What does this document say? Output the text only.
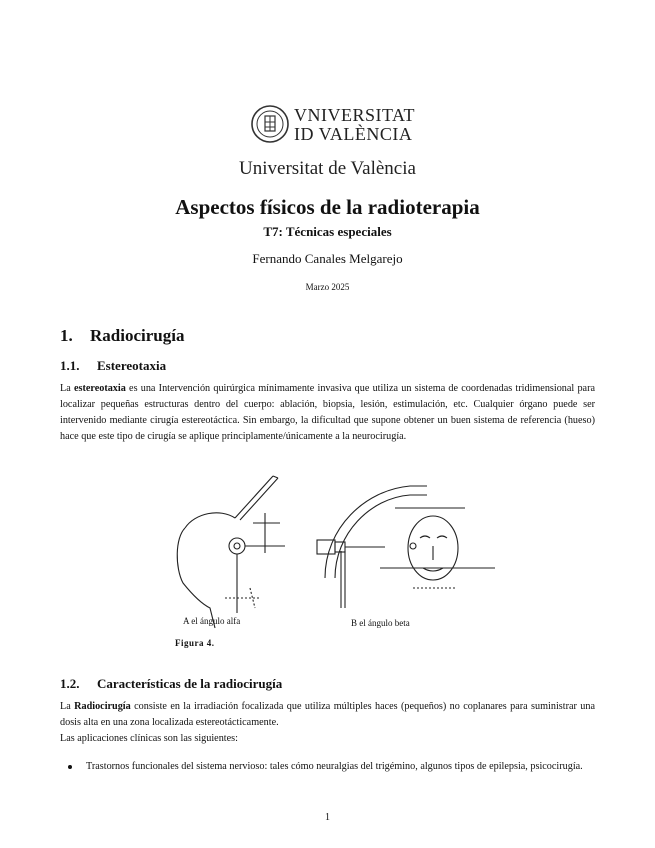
VNIVERSITAT
ID VALÈNCIA
Universitat de València
Aspectos físicos de la radioterapia
T7: Técnicas especiales
Fernando Canales Melgarejo
Marzo 2025
1. Radiocirugía
1.1. Estereotaxia
La estereotaxia es una Intervención quirúrgica mínimamente invasiva que utiliza un sistema de coordenadas tridimensional para localizar pequeñas estructuras dentro del cuerpo: ablación, biopsia, lesión, estimulación, etc. Cualquier órgano puede ser intervenido mediante cirugía estereotáctica. Sin embargo, la dificultad que supone obtener un buen sistema de referencia (hueso) hace que este tipo de cirugía se aplique principlamente/únicamente a la neurocirugía.
A el ángulo alfa	B el ángulo beta
Figura 4.
1.2. Características de la radiocirugía
La Radiocirugía consiste en la irradiación focalizada que utiliza múltiples haces (pequeños) no coplanares para suministrar una dosis alta en una zona localizada estereotácticamente.
Las aplicaciones clínicas son las siguientes:
Trastornos funcionales del sistema nervioso: tales cómo neuralgias del trigémino, algunos tipos de epilepsia, psicocirugía.
1
